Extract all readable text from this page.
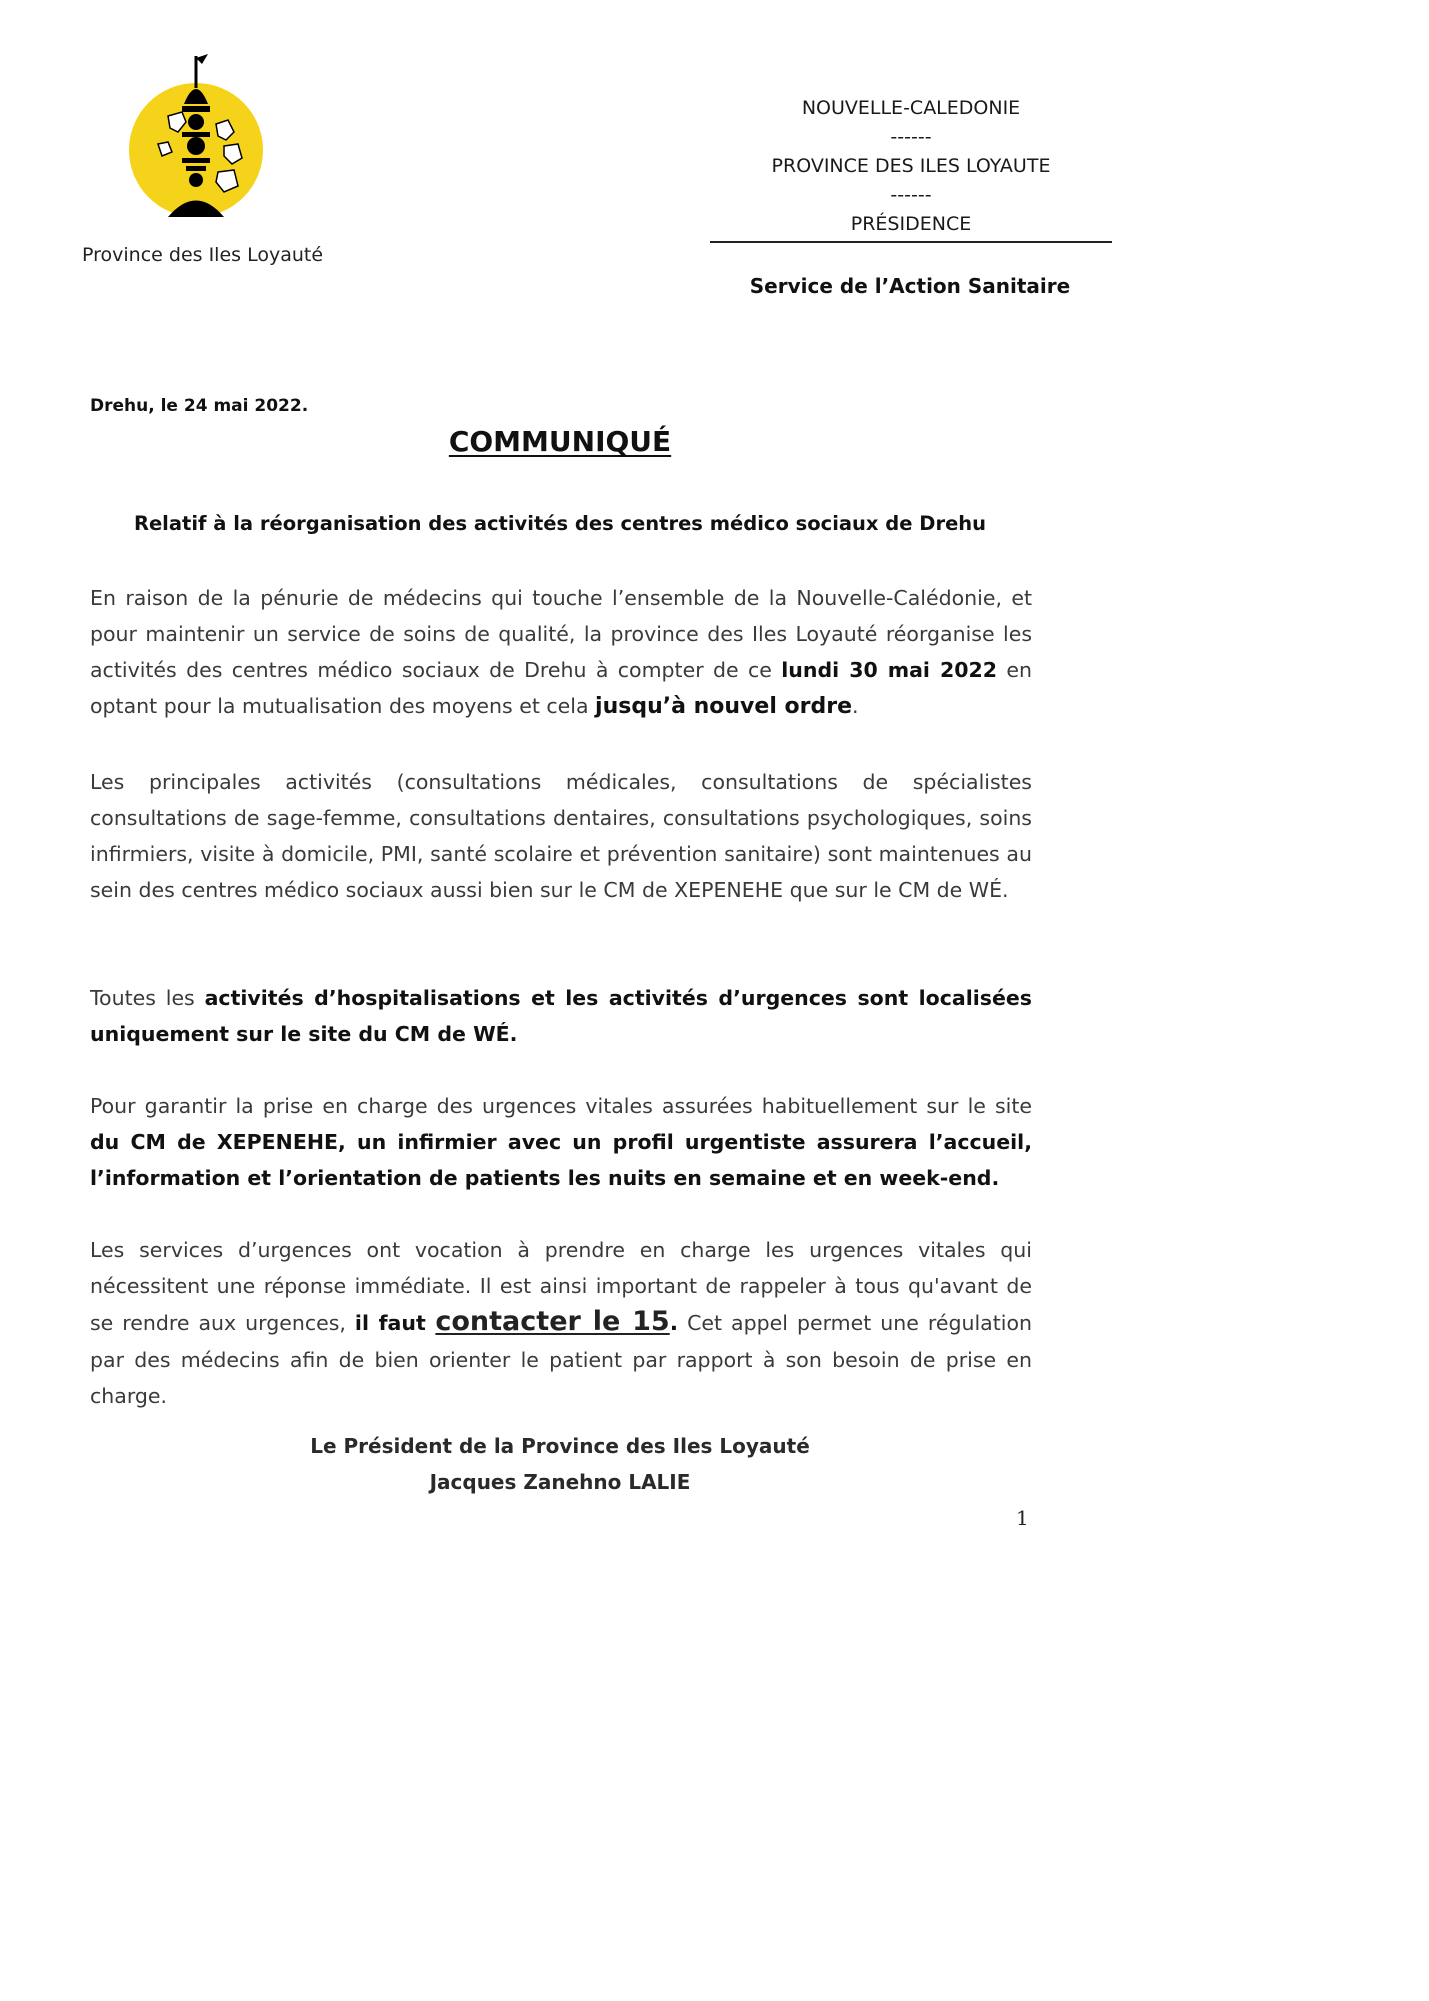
Province des Iles Loyauté
NOUVELLE-CALEDONIE
------
PROVINCE DES ILES LOYAUTE
------
PRÉSIDENCE
Service de l’Action Sanitaire
Drehu, le 24 mai 2022.
COMMUNIQUÉ
Relatif à la réorganisation des activités des centres médico sociaux de Drehu
En raison de la pénurie de médecins qui touche l’ensemble de la Nouvelle-Calédonie, et pour maintenir un service de soins de qualité, la province des Iles Loyauté réorganise les activités des centres médico sociaux de Drehu à compter de ce lundi 30 mai 2022 en optant pour la mutualisation des moyens et cela jusqu’à nouvel ordre.
Les principales activités (consultations médicales, consultations de spécialistes consultations de sage-femme, consultations dentaires, consultations psychologiques, soins infirmiers, visite à domicile, PMI, santé scolaire et prévention sanitaire) sont maintenues au sein des centres médico sociaux aussi bien sur le CM de XEPENEHE que sur le CM de WÉ.
Toutes les activités d’hospitalisations et les activités d’urgences sont localisées uniquement sur le site du CM de WÉ.
Pour garantir la prise en charge des urgences vitales assurées habituellement sur le site du CM de XEPENEHE, un infirmier avec un profil urgentiste assurera l’accueil, l’information et l’orientation de patients les nuits en semaine et en week-end.
Les services d’urgences ont vocation à prendre en charge les urgences vitales qui nécessitent une réponse immédiate. Il est ainsi important de rappeler à tous qu'avant de se rendre aux urgences, il faut contacter le 15. Cet appel permet une régulation par des médecins afin de bien orienter le patient par rapport à son besoin de prise en charge.
Le Président de la Province des Iles Loyauté
Jacques Zanehno LALIE
1
